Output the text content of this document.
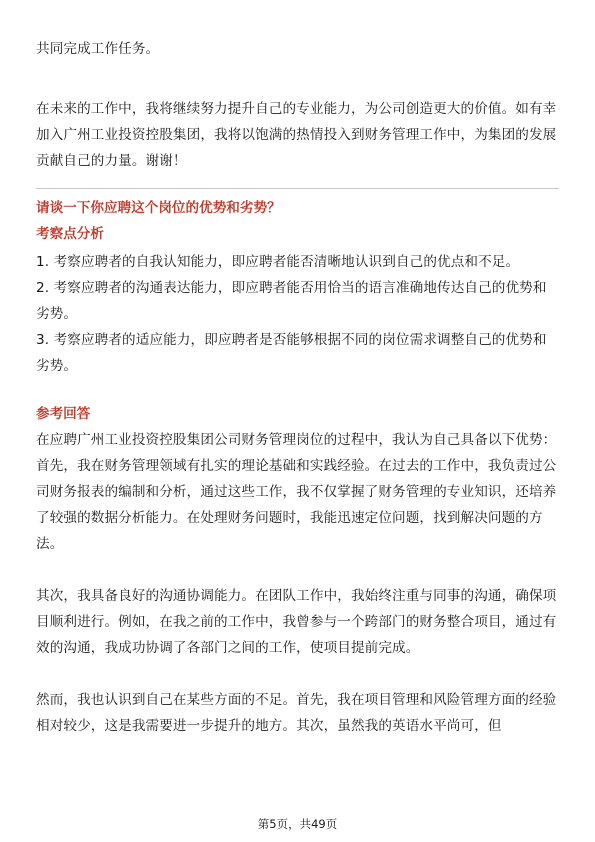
共同完成工作任务。

在未来的工作中，我将继续努力提升自己的专业能力，为公司创造更大的价值。如有幸加入广州工业投资控股集团，我将以饱满的热情投入到财务管理工作中，为集团的发展贡献自己的力量。谢谢！

请谈一下你应聘这个岗位的优势和劣势？
考察点分析

1. 考察应聘者的自我认知能力，即应聘者能否清晰地认识到自己的优点和不足。

2. 考察应聘者的沟通表达能力，即应聘者能否用恰当的语言准确地传达自己的优势和劣势。

3. 考察应聘者的适应能力，即应聘者是否能够根据不同的岗位需求调整自己的优势和劣势。

参考回答

在应聘广州工业投资控股集团公司财务管理岗位的过程中，我认为自己具备以下优势：

首先，我在财务管理领域有扎实的理论基础和实践经验。在过去的工作中，我负责过公司财务报表的编制和分析，通过这些工作，我不仅掌握了财务管理的专业知识，还培养了较强的数据分析能力。在处理财务问题时，我能迅速定位问题，找到解决问题的方法。

其次，我具备良好的沟通协调能力。在团队工作中，我始终注重与同事的沟通，确保项目顺利进行。例如，在我之前的工作中，我曾参与一个跨部门的财务整合项目，通过有效的沟通，我成功协调了各部门之间的工作，使项目提前完成。

然而，我也认识到自己在某些方面的不足。首先，我在项目管理和风险管理方面的经验相对较少，这是我需要进一步提升的地方。其次，虽然我的英语水平尚可，但

第5页，共49页
